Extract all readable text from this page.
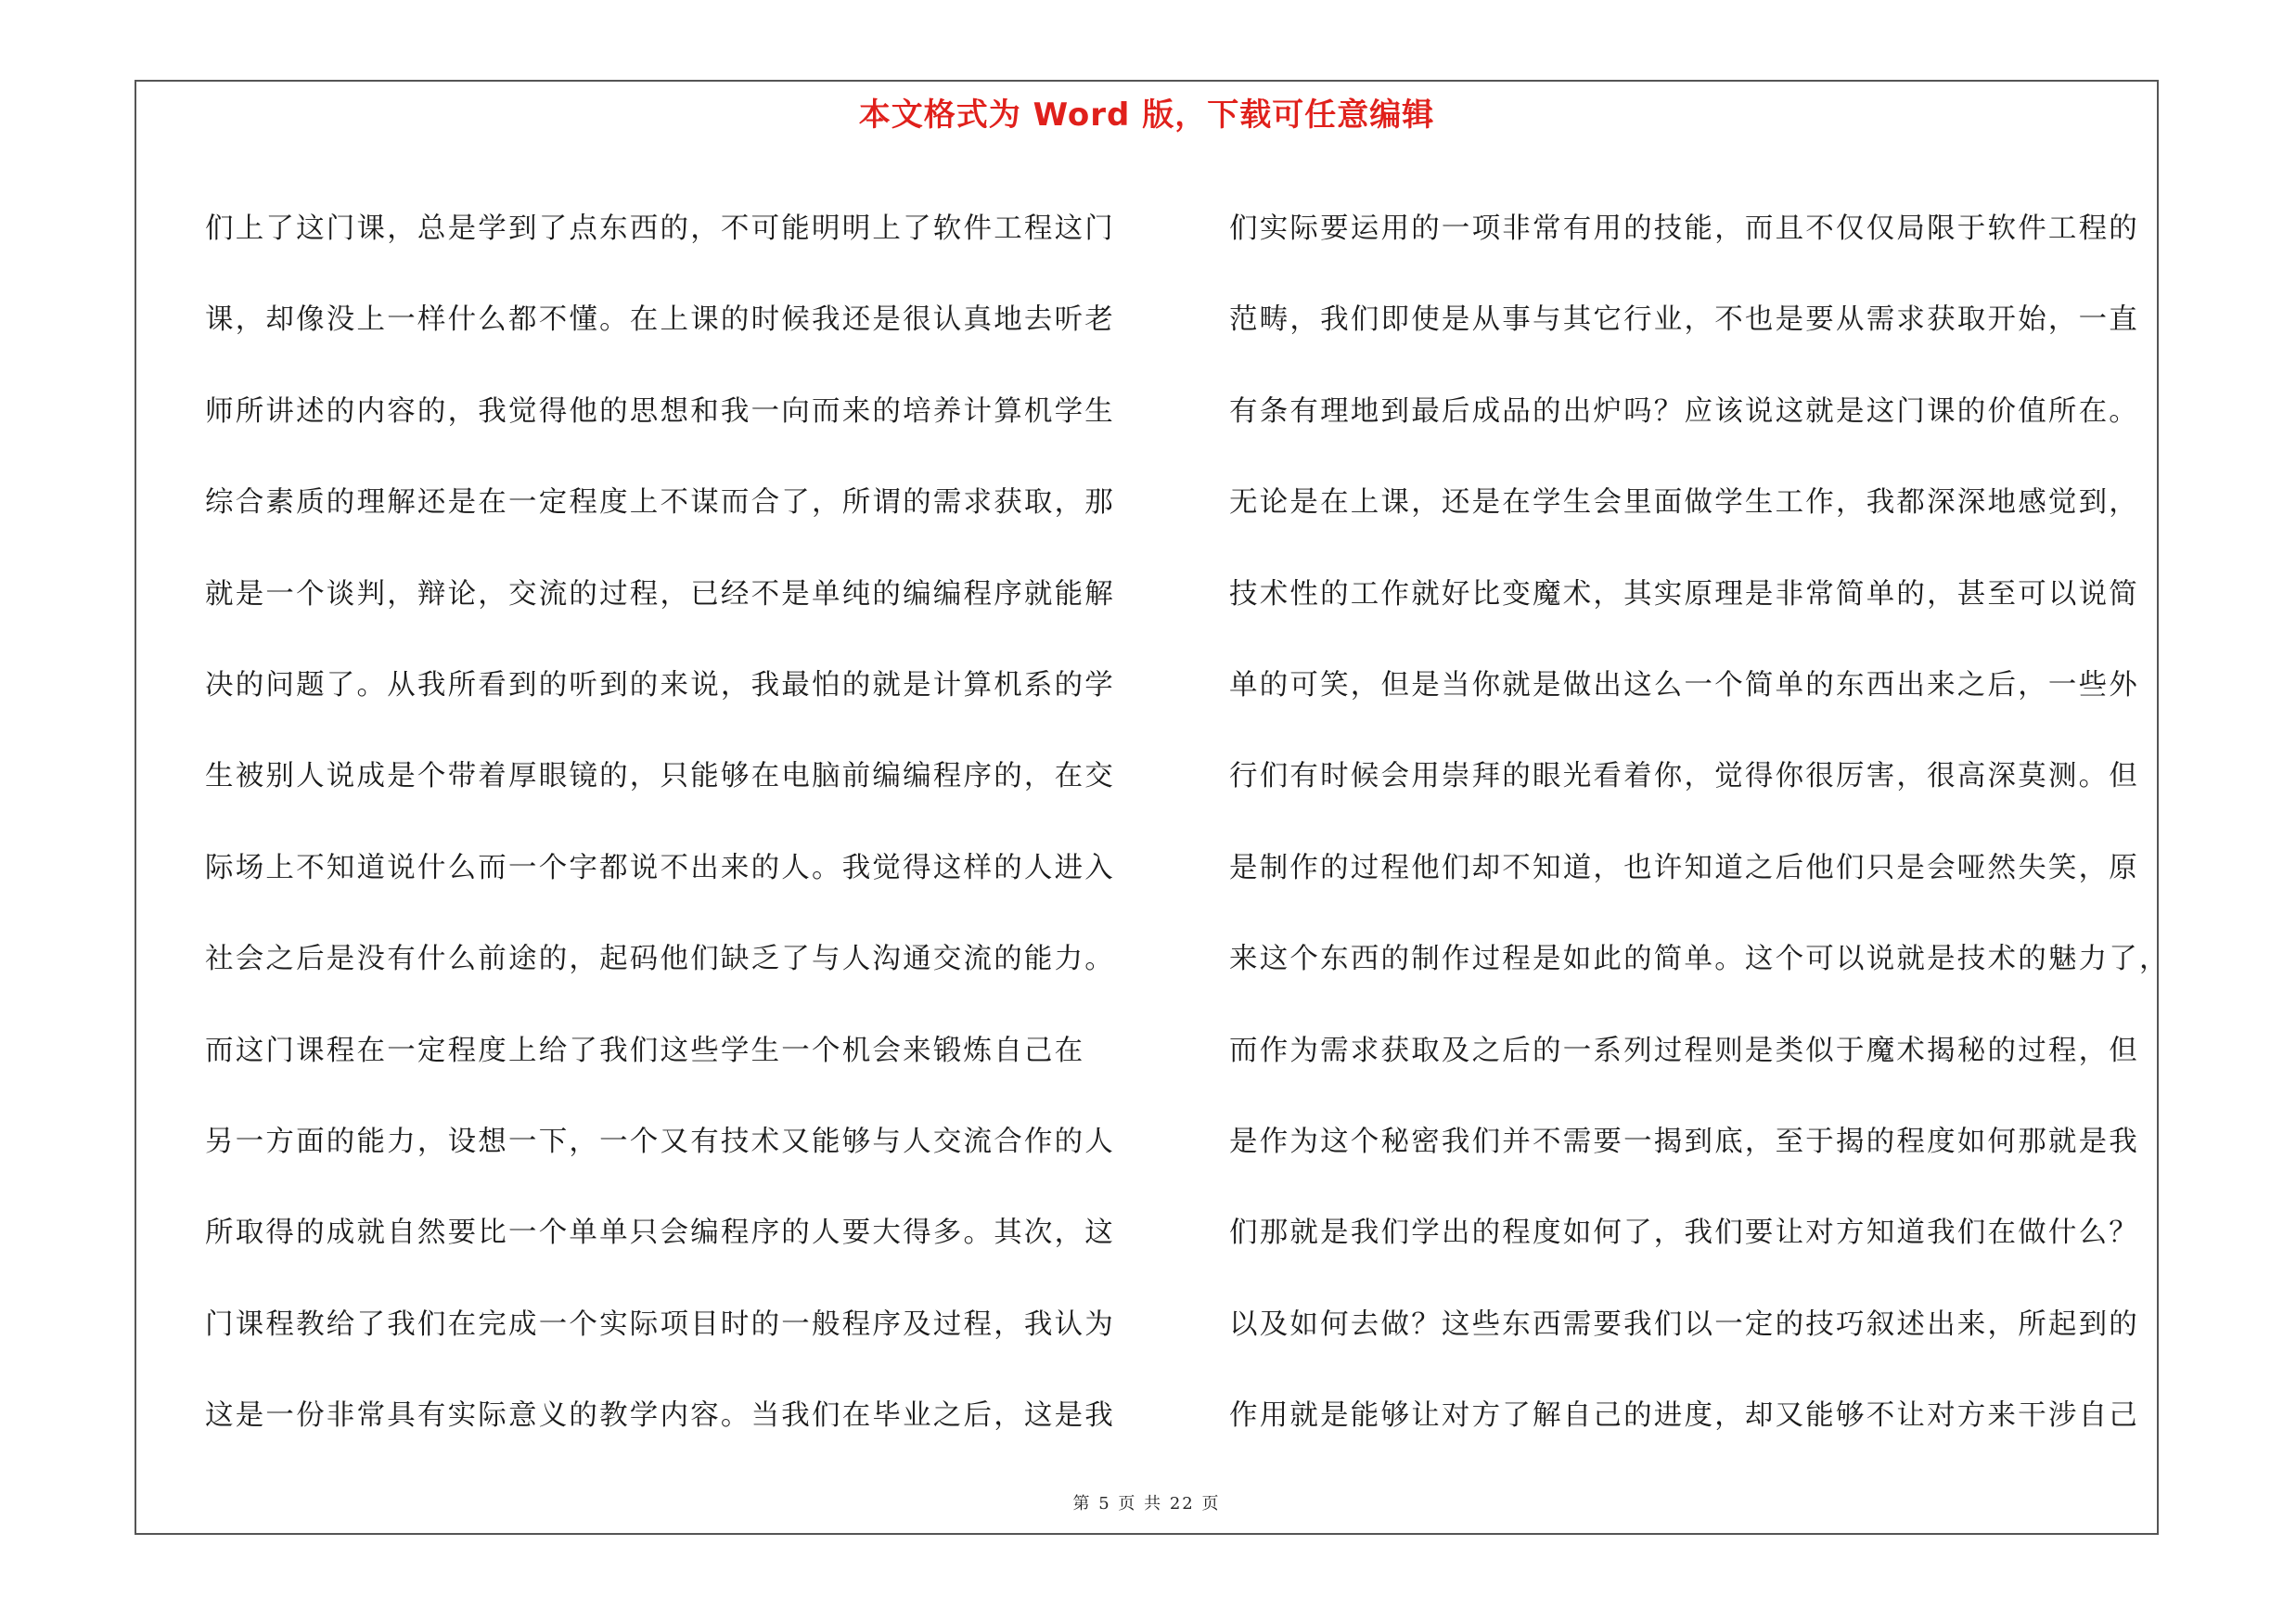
本文格式为 Word 版，下载可任意编辑
们上了这门课，总是学到了点东西的，不可能明明上了软件工程这门
课，却像没上一样什么都不懂。在上课的时候我还是很认真地去听老
师所讲述的内容的，我觉得他的思想和我一向而来的培养计算机学生
综合素质的理解还是在一定程度上不谋而合了，所谓的需求获取，那
就是一个谈判，辩论，交流的过程，已经不是单纯的编编程序就能解
决的问题了。从我所看到的听到的来说，我最怕的就是计算机系的学
生被别人说成是个带着厚眼镜的，只能够在电脑前编编程序的，在交
际场上不知道说什么而一个字都说不出来的人。我觉得这样的人进入
社会之后是没有什么前途的，起码他们缺乏了与人沟通交流的能力。
而这门课程在一定程度上给了我们这些学生一个机会来锻炼自己在
另一方面的能力，设想一下，一个又有技术又能够与人交流合作的人
所取得的成就自然要比一个单单只会编程序的人要大得多。其次，这
门课程教给了我们在完成一个实际项目时的一般程序及过程，我认为
这是一份非常具有实际意义的教学内容。当我们在毕业之后，这是我
们实际要运用的一项非常有用的技能，而且不仅仅局限于软件工程的
范畴，我们即使是从事与其它行业，不也是要从需求获取开始，一直
有条有理地到最后成品的出炉吗？应该说这就是这门课的价值所在。
无论是在上课，还是在学生会里面做学生工作，我都深深地感觉到，
技术性的工作就好比变魔术，其实原理是非常简单的，甚至可以说简
单的可笑，但是当你就是做出这么一个简单的东西出来之后，一些外
行们有时候会用崇拜的眼光看着你，觉得你很厉害，很高深莫测。但
是制作的过程他们却不知道，也许知道之后他们只是会哑然失笑，原
来这个东西的制作过程是如此的简单。这个可以说就是技术的魅力了，
而作为需求获取及之后的一系列过程则是类似于魔术揭秘的过程，但
是作为这个秘密我们并不需要一揭到底，至于揭的程度如何那就是我
们那就是我们学出的程度如何了，我们要让对方知道我们在做什么？
以及如何去做？这些东西需要我们以一定的技巧叙述出来，所起到的
作用就是能够让对方了解自己的进度，却又能够不让对方来干涉自己
第 5 页 共 22 页
